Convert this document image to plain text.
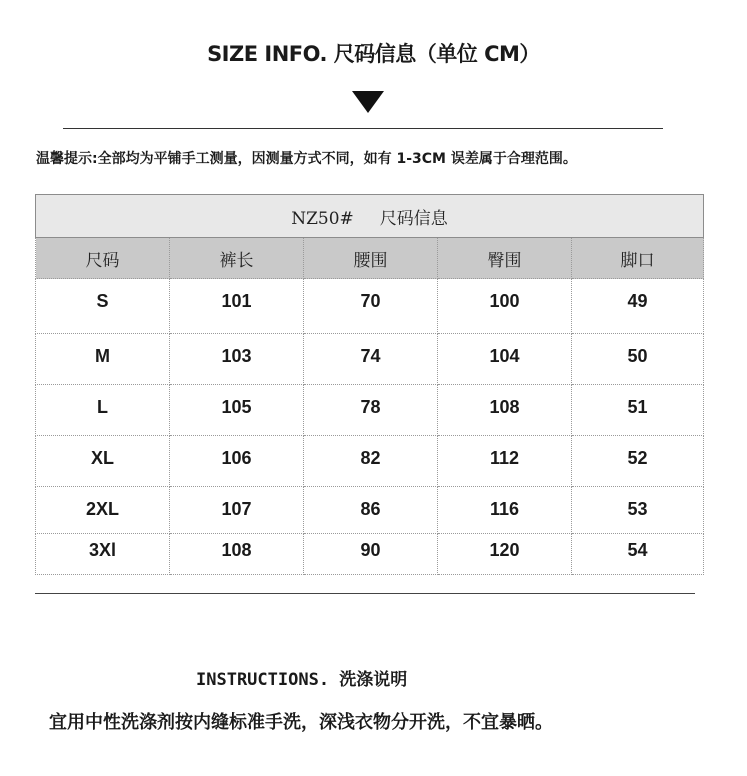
SIZE INFO. 尺码信息（单位 CM）
温馨提示:全部均为平铺手工测量，因测量方式不同，如有 1-3CM 误差属于合理范围。
NZ50# 尺码信息				
尺码	裤长	腰围	臀围	脚口
S	101	70	100	49
M	103	74	104	50
L	105	78	108	51
XL	106	82	112	52
2XL	107	86	116	53
3Xl	108	90	120	54
INSTRUCTIONS. 洗涤说明
宜用中性洗涤剂按内缝标准手洗，深浅衣物分开洗，不宜暴晒。
